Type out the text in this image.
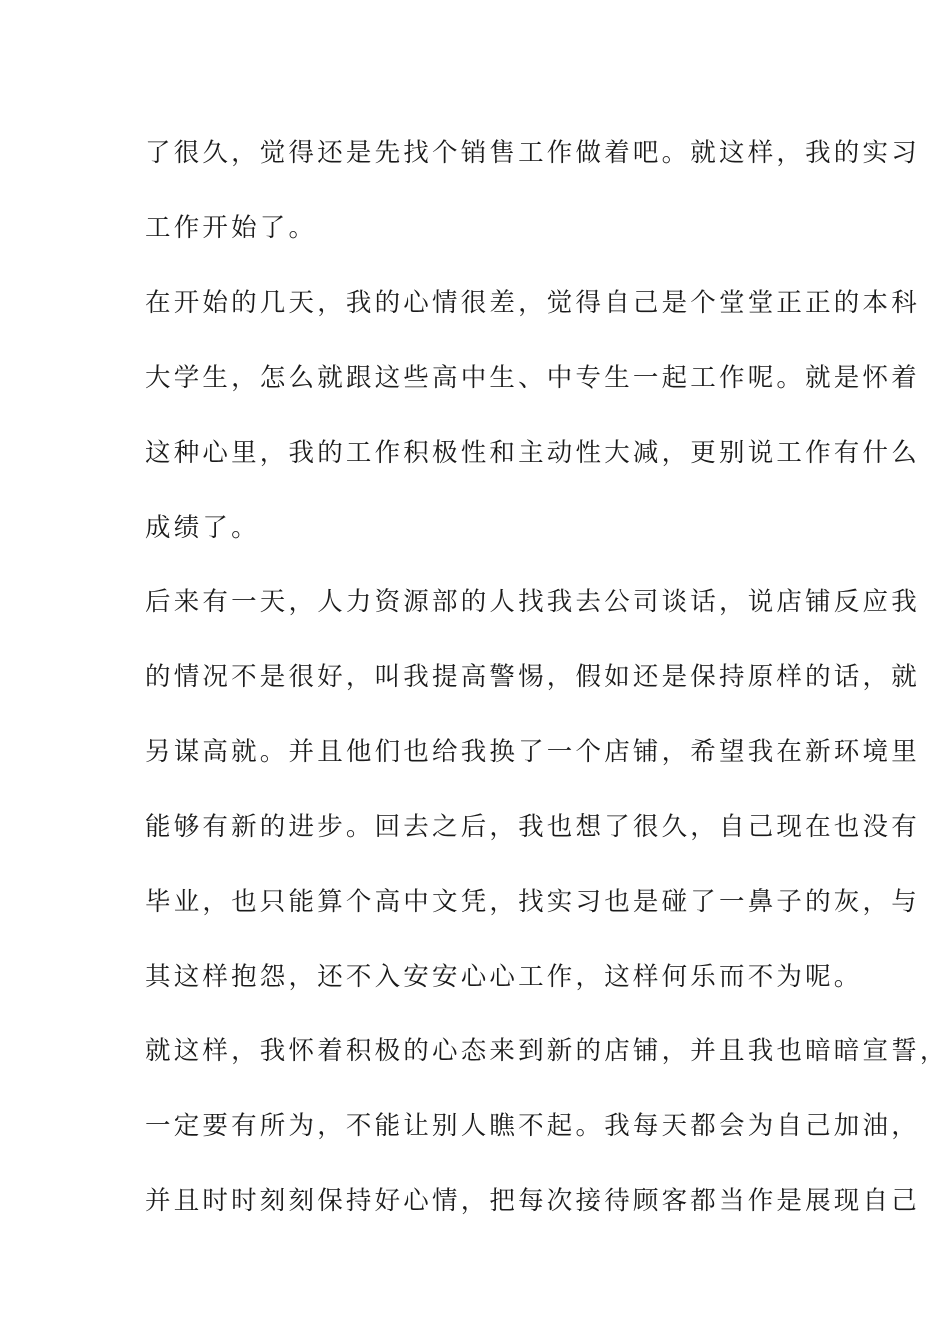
了很久，觉得还是先找个销售工作做着吧。就这样，我的实习
工作开始了。
在开始的几天，我的心情很差，觉得自己是个堂堂正正的本科
大学生，怎么就跟这些高中生、中专生一起工作呢。就是怀着
这种心里，我的工作积极性和主动性大减，更别说工作有什么
成绩了。
后来有一天，人力资源部的人找我去公司谈话，说店铺反应我
的情况不是很好，叫我提高警惕，假如还是保持原样的话，就
另谋高就。并且他们也给我换了一个店铺，希望我在新环境里
能够有新的进步。回去之后，我也想了很久，自己现在也没有
毕业，也只能算个高中文凭，找实习也是碰了一鼻子的灰，与
其这样抱怨，还不入安安心心工作，这样何乐而不为呢。
就这样，我怀着积极的心态来到新的店铺，并且我也暗暗宣誓，
一定要有所为，不能让别人瞧不起。我每天都会为自己加油，
并且时时刻刻保持好心情，把每次接待顾客都当作是展现自己
